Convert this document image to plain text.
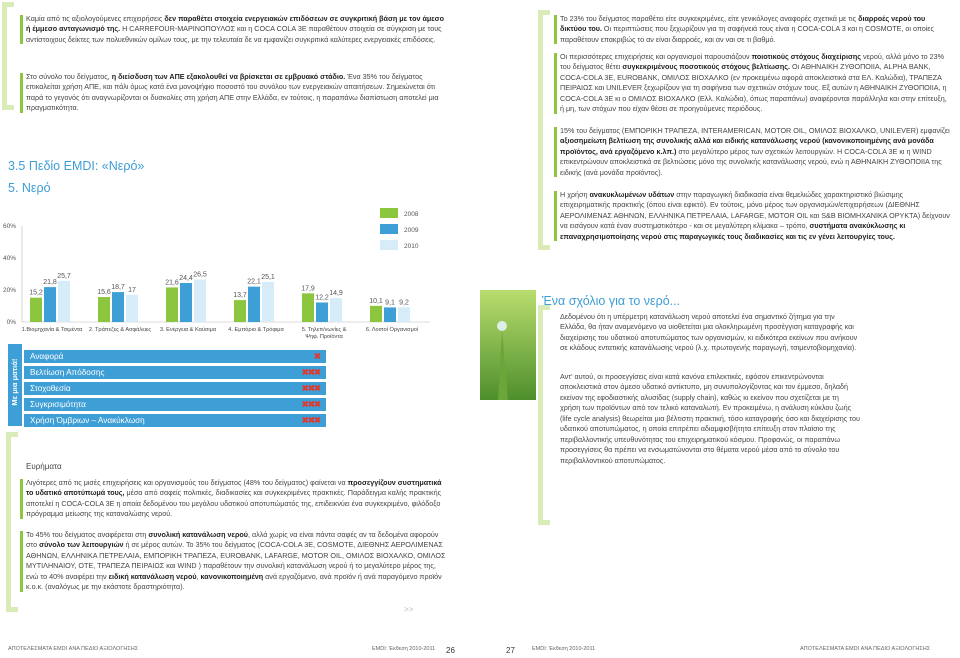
Καμία από τις αξιολογούμενες επιχειρήσεις δεν παραθέτει στοιχεία ενεργειακών επιδόσεων σε συγκριτική βάση με τον άμεσο ή έμμεσο ανταγωνισμό της. Η CARREFOUR-ΜΑΡΙΝΟΠΟΥΛΟΣ και η COCA COLA 3E παραθέτουν στοιχεία σε σύγκριση με τους αντίστοιχους δείκτες των πολυεθνικών ομίλων τους, με την τελευταία δε να εμφανίζει συγκριτικά καλύτερες ενεργειακές επιδόσεις.
Στο σύνολο του δείγματος, η διείσδυση των ΑΠΕ εξακολουθεί να βρίσκεται σε εμβρυακό στάδιο. Ένα 35% του δείγματος επικαλείται χρήση ΑΠΕ, και πάλι όμως κατά ένα μονοψήφιο ποσοστό του συνόλου των ενεργειακών απαιτήσεων. Σημειώνεται ότι παρά το γεγονός ότι αναγνωρίζονται οι δυσκολίες στη χρήση ΑΠΕ στην Ελλάδα, εν τούτοις, η παραπάνω διαπίστωση αποτελεί μια πραγματικότητα.
3.5 Πεδίο EMDI: «Νερό»
5. Νερό
0%
20%
40%
60%
15,2
21,8
25,7
1.Βιομηχανία & Τσιμέντα
15,6
18,7 17
2. Τράπεζες & Ασφάλειες
21,6
24,4 26,5
3. Ενέργεια & Καύσιμα
13,7
22,1
25,1
4. Εμπόριο & Τρόφιμα
17,9
12,2
14,9
5. Τηλεπ/νωνίες &
Ψηφ. Προϊόντα
10,1 9,1 9,2
6. Λοιποί Οργανισμοί
2008
2009
2010
Με μια ματιά!
Αναφορά	✖
Βελτίωση Απόδοσης	✖✖✖
Στοχοθεσία	✖✖✖
Συγκρισιμότητα	✖✖✖
Χρήση Όμβριων – Ανακύκλωση	✖✖✖
Ευρήματα
Λιγότερες από τις μισές επιχειρήσεις και οργανισμούς του δείγματος (48% του δείγματος) φαίνεται να προσεγγίζουν συστηματικά το υδατικό αποτύπωμά τους, μέσα από σαφείς πολιτικές, διαδικασίες και συγκεκριμένες πρακτικές. Παράδειγμα καλής πρακτικής αποτελεί η COCA-COLA 3E η οποία δεδομένου του μεγάλου υδατικού αποτυπώματός της, επιδεικνύει ένα συγκεκριμένο, φιλόδοξο πρόγραμμα μείωσης της καταναλώσης νερού.
Το 45% του δείγματος αναφέρεται στη συνολική κατανάλωση νερού, αλλά χωρίς να είναι πάντα σαφές αν τα δεδομένα αφορούν στο σύνολο των λειτουργιών ή σε μέρος αυτών. Το 35% του δείγματος (COCA-COLA 3E, COSMOTE, ΔΙΕΘΝΗΣ ΑΕΡΟΛΙΜΕΝΑΣ ΑΘΗΝΩΝ, ΕΛΛΗΝΙΚΑ ΠΕΤΡΕΛΑΙΑ, ΕΜΠΟΡΙΚΗ ΤΡΑΠΕΖΑ, EUROBANK, LAFARGE, MOTOR OIL, ΟΜΙΛΟΣ ΒΙΟΧΑΛΚΟ, ΟΜΙΛΟΣ ΜΥΤΙΛΗΝΑΙΟΥ, OTE, ΤΡΑΠΕΖΑ ΠΕΙΡΑΙΩΣ και WIND ) παραθέτουν την συνολική κατανάλωση νερού ή το μεγαλύτερο μέρος της, ενώ το 40% αναφέρει την ειδική κατανάλωση νερού, κανονικοποιημένη ανά εργαζόμενο, ανά προϊόν ή ανά παραγόμενο προϊόν κ.ο.κ. (αναλόγως με την εκάστοτε δραστηριότητα).
>>
ΑΠΟΤΕΛΕΣΜΑΤΑ EMDI ΑΝΑ ΠΕΔΙΟ ΑΞΙΟΛΟΓΗΣΗΣ	EMDI: Έκθεση 2010-2011 26
Το 23% του δείγματος παραθέτει είτε συγκεκριμένες, είτε γενικόλογες αναφορές σχετικά με τις διαρροές νερού του δικτύου του. Οι περιπτώσεις που ξεχωρίζουν για τη σαφήνειά τους είναι η COCA-COLA 3 και η COSMOTE, οι οποίες παραθέτουν επακριβώς το αν είναι διαρροές, και αν ναι σε τι βαθμό.
Οι περισσότερες επιχειρήσεις και οργανισμοί παρουσιάζουν ποιοτικούς στόχους διαχείρισης νερού, αλλά μόνο το 23% του δείγματος θέτει συγκεκριμένους ποσοτικούς στόχους βελτίωσης. Οι ΑΘΗΝΑΙΚΗ ΖΥΘΟΠΟΙΙΑ, ALPHA BANK, COCA-COLA 3E, EUROBANK, ΟΜΙΛΟΣ ΒΙΟΧΑΛΚΟ (εν προκειμένω αφορά αποκλειστικά στα ΕΛ. Καλώδια), ΤΡΑΠΕΖΑ ΠΕΙΡΑΙΩΣ και UNILEVER ξεχωρίζουν για τη σαφήνεια των σχετικών στόχων τους. Εξ αυτών η ΑΘΗΝΑΙΚΗ ΖΥΘΟΠΟΙΙΑ, η COCA-COLA 3E κι ο ΟΜΙΛΟΣ ΒΙΟΧΑΛΚΟ (Ελλ. Καλώδια), όπως παραπάνω) αναφέρονται παράλληλα και στην επίτευξη, ή μη, των στόχων που είχαν θέσει σε προηγούμενες περιόδους.
15% του δείγματος (ΕΜΠΟΡΙΚΗ ΤΡΑΠΕΖΑ, INTERAMERICAN, MOTOR OIL, ΟΜΙΛΟΣ ΒΙΟΧΑΛΚΟ, UNILEVER) εμφανίζει αξιοσημείωτη βελτίωση της συνολικής αλλά και ειδικής κατανάλωσης νερού (κανονικοποιημένης ανά μονάδα προϊόντος, ανά εργαζόμενο κ.λπ.) στο μεγαλύτερο μέρος των σχετικών λειτουργιών. Η COCA-COLA 3E κι η WIND επικεντρώνουν αποκλειστικά σε βελτιώσεις μόνο της συνολικής κατανάλωσης νερού, ενώ η ΑΘΗΝΑΙΚΗ ΖΥΘΟΠΟΙΙΑ της ειδικής (ανά μονάδα προϊόντος).
Η χρήση ανακυκλωμένων υδάτων στην παραγωγική διαδικασία είναι θεμελιώδες χαρακτηριστικό βιώσιμης επιχειρηματικής πρακτικής (όπου είναι εφικτό). Εν τούτοις, μόνο μέρος των οργανισμών/επιχειρήσεων (ΔΙΕΘΝΗΣ ΑΕΡΟΛΙΜΕΝΑΣ ΑΘΗΝΩΝ, ΕΛΛΗΝΙΚΑ ΠΕΤΡΕΛΑΙΑ, LAFARGE, MOTOR OIL και S&B ΒΙΟΜΗΧΑΝΙΚΑ ΟΡΥΚΤΑ) δείχνουν να εισάγουν κατά έναν συστηματικότερο - και σε μεγαλύτερη κλίμακα – τρόπο, συστήματα ανακύκλωσης κι επαναχρησιμοποίησης νερού στις παραγωγικές τους διαδικασίες και τις εν γένει λειτουργίες τους.
Ένα σχόλιο για το νερό...
Δεδομένου ότι η υπέρμετρη κατανάλωση νερού αποτελεί ένα σημαντικό ζήτημα για την Ελλάδα, θα ήταν αναμενόμενο να υιοθετείται μια ολοκληρωμένη προσέγγιση καταγραφής και διαχείρισης του υδατικού αποτυπώματος των οργανισμών, κι ειδικότερα εκείνων που ανήκουν σε κλάδους εντατικής κατανάλωσης νερού (λ.χ. πρωτογενής παραγωγή, τσιμεντοβιομηχανία).
Αντ' αυτού, οι προσεγγίσεις είναι κατά κανόνα επιλεκτικές, εφόσον επικεντρώνονται αποκλειστικά στον άμεσο υδατικό αντίκτυπο, μη συνυπολογίζοντας και τον έμμεσο, δηλαδή εκείνον της εφοδιαστικής αλυσίδας (supply chain), καθώς κι εκείνον που σχετίζεται με τη χρήση των προϊόντων από τον τελικό καταναλωτή. Εν προκειμένω, η ανάλυση κύκλου ζωής (life cycle analysis) θεωρείται μια βέλτιστη πρακτική, τόσο καταγραφής όσο και διαχείρισης του υδατικού αποτυπώματος, η οποία επιτρέπει αδιαμφισβήτητα επίτευξη στον πλαίσιο της περιβαλλοντικής υπευθυνότητας του επιχειρηματικού κόσμου. Προφανώς, οι παραπάνω προσεγγίσεις θα πρέπει να ενσωματώνονται στο θέματα νερού μέσα από το σύνολο του περιβαλλοντικού αποτυπώματος.
EMDI: Έκθεση 2010-2011
27	ΑΠΟΤΕΛΕΣΜΑΤΑ EMDI ΑΝΑ ΠΕΔΙΟ ΑΞΙΟΛΟΓΗΣΗΣ
